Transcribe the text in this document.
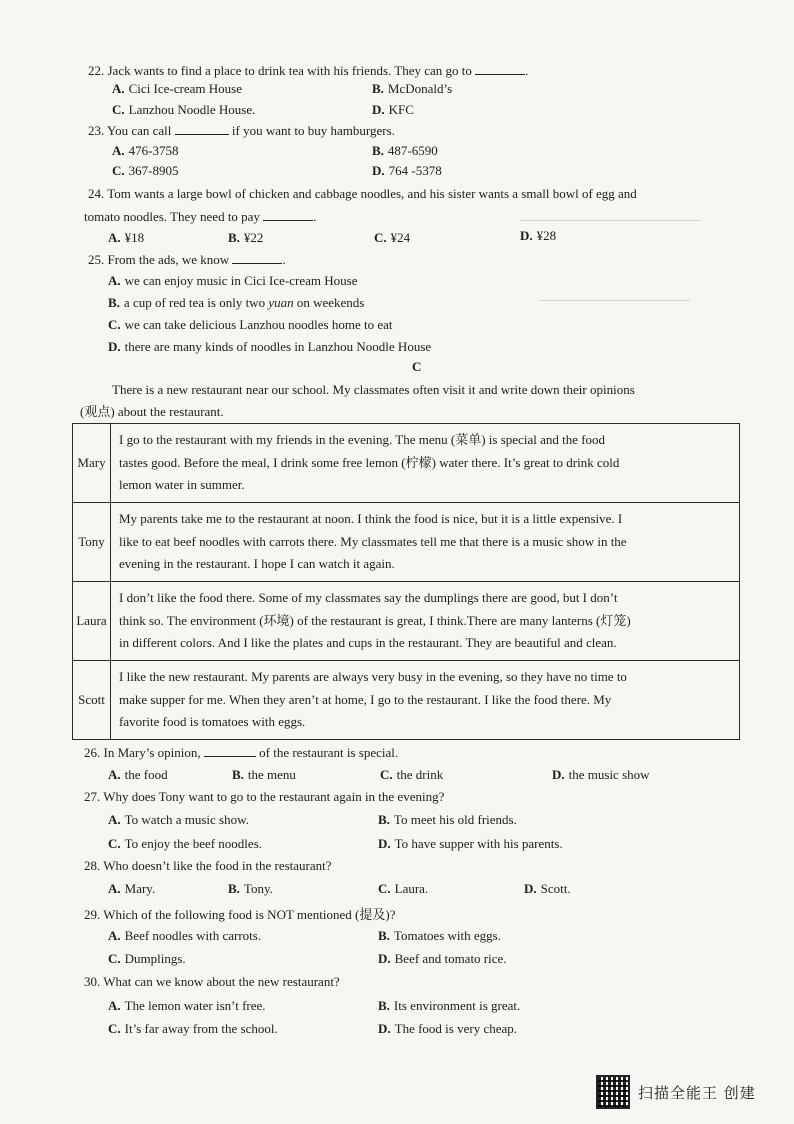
22. Jack wants to find a place to drink tea with his friends. They can go to	.
A. Cici Ice-cream House	B. McDonald’s
C. Lanzhou Noodle House.	D. KFC
23. You can call	if you want to buy hamburgers.
A. 476-3758	B. 487-6590
C. 367-8905	D. 764 -5378
24. Tom wants a large bowl of chicken and cabbage noodles, and his sister wants a small bowl of egg and
tomato noodles. They need to pay	.
A. ¥18	B. ¥22	C. ¥24	D. ¥28
25. From the ads, we know	.
A. we can enjoy music in Cici Ice-cream House
B. a cup of red tea is only two yuan on weekends
C. we can take delicious Lanzhou noodles home to eat
D. there are many kinds of noodles in Lanzhou Noodle House
C
There is a new restaurant near our school. My classmates often visit it and write down their opinions
(观点) about the restaurant.
Mary	I go to the restaurant with my friends in the evening. The menu (菜单) is special and the food
tastes good. Before the meal, I drink some free lemon (柠檬) water there. It’s great to drink cold
lemon water in summer.

Tony	My parents take me to the restaurant at noon. I think the food is nice, but it is a little expensive. I
like to eat beef noodles with carrots there. My classmates tell me that there is a music show in the
evening in the restaurant. I hope I can watch it again.

Laura	I don’t like the food there. Some of my classmates say the dumplings there are good, but I don’t
think so. The environment (环境) of the restaurant is great, I think.There are many lanterns (灯笼)
in different colors. And I like the plates and cups in the restaurant. They are beautiful and clean.

Scott	I like the new restaurant. My parents are always very busy in the evening, so they have no time to
make supper for me. When they aren’t at home, I go to the restaurant. I like the food there. My
favorite food is tomatoes with eggs.
26. In Mary’s opinion,	of the restaurant is special.
A. the food	B. the menu	C. the drink	D. the music show
27. Why does Tony want to go to the restaurant again in the evening?
A. To watch a music show.	B. To meet his old friends.
C. To enjoy the beef noodles.	D. To have supper with his parents.
28. Who doesn’t like the food in the restaurant?
A. Mary.	B. Tony.	C. Laura.	D. Scott.
29. Which of the following food is NOT mentioned (提及)?
A. Beef noodles with carrots.	B. Tomatoes with eggs.
C. Dumplings.	D. Beef and tomato rice.
30. What can we know about the new restaurant?
A. The lemon water isn’t free.	B. Its environment is great.
C. It’s far away from the school.	D. The food is very cheap.
扫描全能王 创建
